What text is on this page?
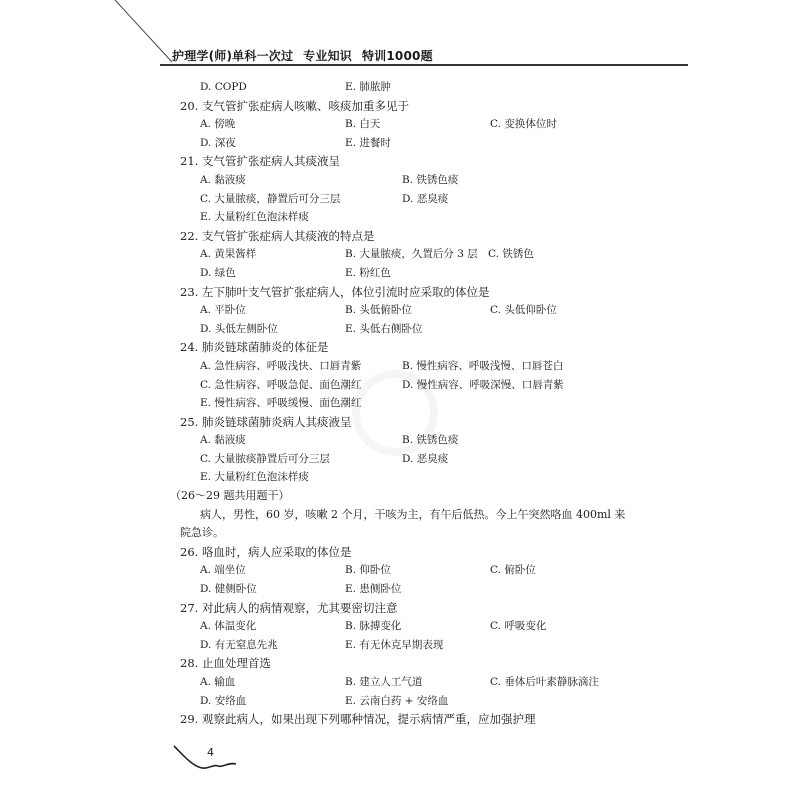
护理学(师)单科一次过 专业知识 特训1000题
D. COPD	E. 肺脓肿
20. 支气管扩张症病人咳嗽、咳痰加重多见于
A. 傍晚	B. 白天	C. 变换体位时
D. 深夜	E. 进餐时
21. 支气管扩张症病人其痰液呈
A. 黏液痰	B. 铁锈色痰
C. 大量脓痰，静置后可分三层	D. 恶臭痰
E. 大量粉红色泡沫样痰
22. 支气管扩张症病人其痰液的特点是
A. 黄果酱样	B. 大量脓痰，久置后分 3 层 C. 铁锈色
D. 绿色	E. 粉红色
23. 左下肺叶支气管扩张症病人，体位引流时应采取的体位是
A. 平卧位	B. 头低俯卧位	C. 头低仰卧位
D. 头低左侧卧位	E. 头低右侧卧位
24. 肺炎链球菌肺炎的体征是
A. 急性病容、呼吸浅快、口唇青紫	B. 慢性病容、呼吸浅慢、口唇苍白
C. 急性病容、呼吸急促、面色潮红	D. 慢性病容、呼吸深慢、口唇青紫
E. 慢性病容、呼吸缓慢、面色潮红
25. 肺炎链球菌肺炎病人其痰液呈
A. 黏液痰	B. 铁锈色痰
C. 大量脓痰静置后可分三层	D. 恶臭痰
E. 大量粉红色泡沫样痰
（26～29 题共用题干）
病人，男性，60 岁，咳嗽 2 个月，干咳为主，有午后低热。今上午突然咯血 400ml 来
院急诊。
26. 咯血时，病人应采取的体位是
A. 端坐位	B. 仰卧位	C. 俯卧位
D. 健侧卧位	E. 患侧卧位
27. 对此病人的病情观察，尤其要密切注意
A. 体温变化	B. 脉搏变化	C. 呼吸变化
D. 有无窒息先兆	E. 有无休克早期表现
28. 止血处理首选
A. 输血	B. 建立人工气道	C. 垂体后叶素静脉滴注
D. 安络血	E. 云南白药 + 安络血
29. 观察此病人，如果出现下列哪种情况，提示病情严重，应加强护理
4
